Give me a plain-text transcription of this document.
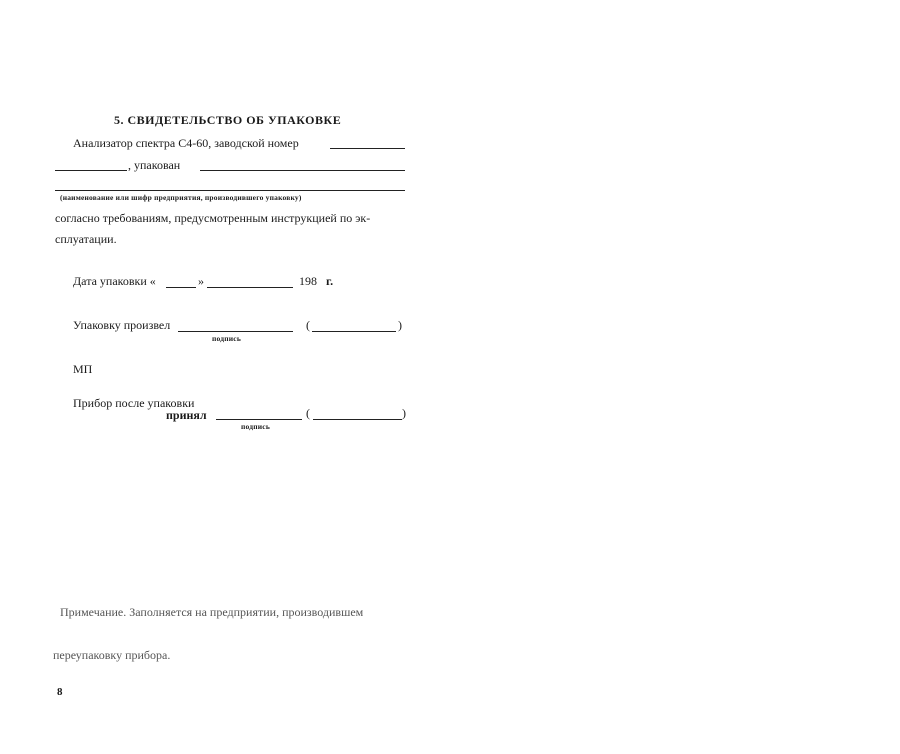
5. СВИДЕТЕЛЬСТВО ОБ УПАКОВКЕ
Анализатор спектра С4-60, заводской номер
, упакован
(наименование или шифр предприятия, производившего упаковку)
согласно требованиям, предусмотренным инструкцией по эк-
сплуатации.
Дата упаковки «	»	198 г.
Упаковку произвел
подпись
(	)
МП
Прибор после упаковки
принял
подпись
(	)
Примечание. Заполняется на предприятии, производившем
переупаковку прибора.
8
